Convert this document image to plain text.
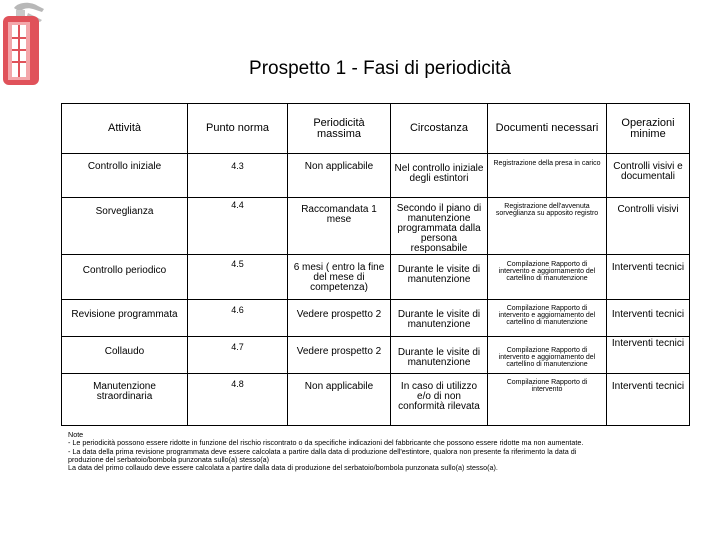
Prospetto 1 - Fasi di periodicità
Attività	Punto norma	Periodicità massima	Circostanza	Documenti necessari	Operazioni minime
Controllo iniziale	4.3	Non applicabile	Nel controllo iniziale degli estintori	Registrazione della presa in carico	Controlli visivi e documentali
Sorveglianza	4.4	Raccomandata 1 mese	Secondo il piano di manutenzione programmata dalla persona responsabile	Registrazione dell'avvenuta sorveglianza su apposito registro	Controlli visivi
Controllo periodico	4.5	6 mesi ( entro la fine del mese di competenza)	Durante le visite di manutenzione	Compilazione Rapporto di intervento e aggiornamento del cartellino di manutenzione	Interventi tecnici
Revisione programmata	4.6	Vedere prospetto 2	Durante le visite di manutenzione	Compilazione Rapporto di intervento e aggiornamento del cartellino di manutenzione	Interventi tecnici
Collaudo	4.7	Vedere prospetto 2	Durante le visite di manutenzione	Compilazione Rapporto di intervento e aggiornamento del cartellino di manutenzione	Interventi tecnici
Manutenzione straordinaria	4.8	Non applicabile	In caso di utilizzo e/o di non conformità rilevata	Compilazione Rapporto di intervento	Interventi tecnici
Note
- Le periodicità possono essere ridotte in funzione del rischio riscontrato o da specifiche indicazioni del fabbricante che possono essere ridotte ma non aumentate.
- La data della prima revisione programmata deve essere calcolata a partire dalla data di produzione dell'estintore, qualora non presente fa riferimento la data di
produzione del serbatoio/bombola punzonata sullo(a) stesso(a)
La data del primo collaudo deve essere calcolata a partire dalla data di produzione del serbatoio/bombola punzonata sullo(a) stesso(a).
